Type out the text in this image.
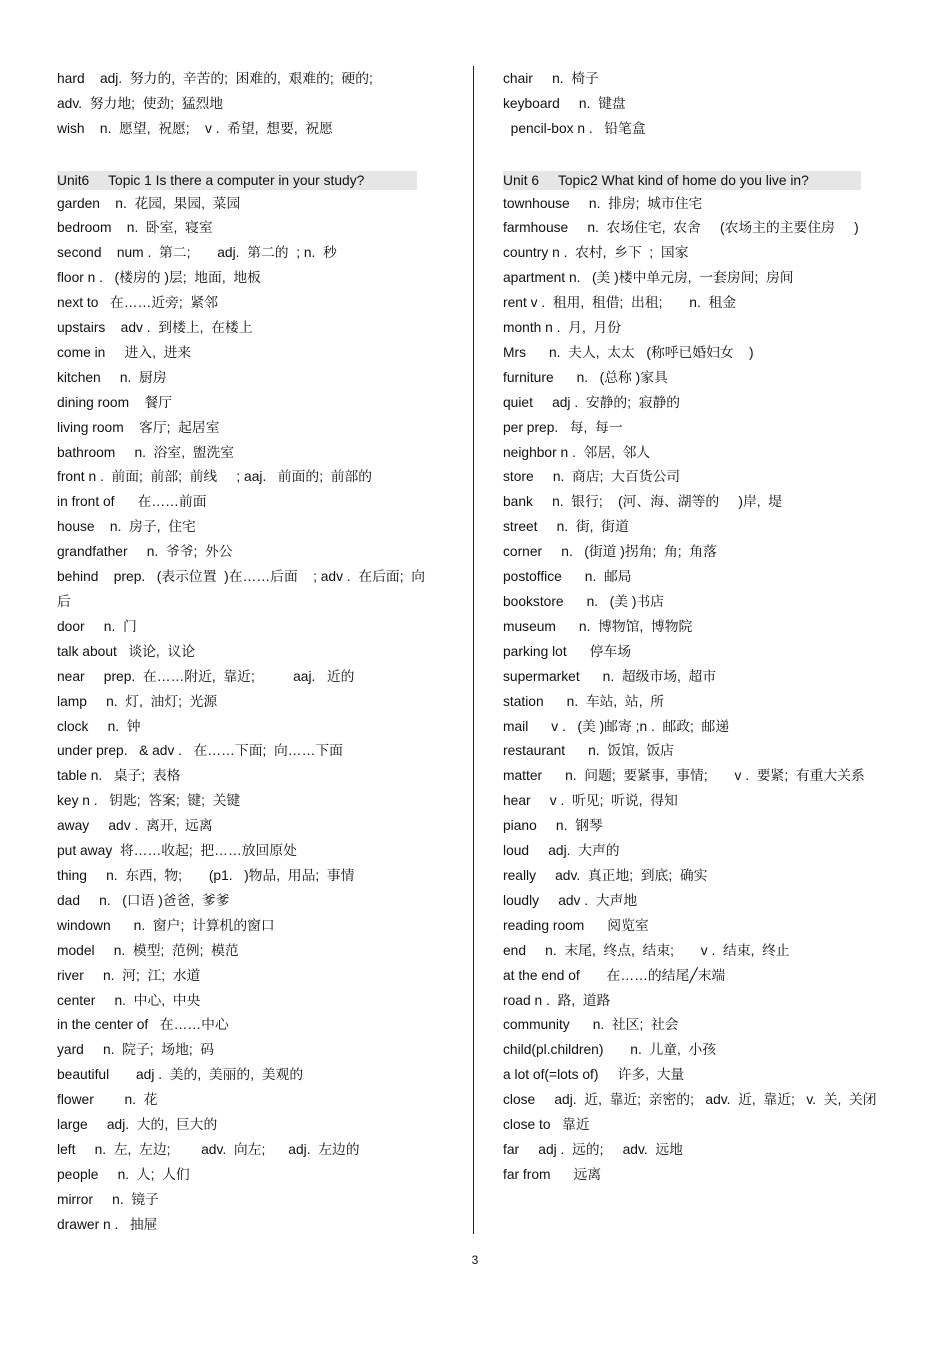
hard    adj.  努力的,  辛苦的;  困难的,  艰难的;  硬的;
adv.  努力地;  使劲;  猛烈地
wish    n.  愿望,  祝愿;    v .  希望,  想要,  祝愿
Unit6     Topic 1 Is there a computer in your study?
garden    n.  花园,  果园,  菜园
bedroom    n.  卧室,  寝室
second    num .  第二;       adj.  第二的  ; n.  秒
floor n .   (楼房的 )层;  地面,  地板
next to   在……近旁;  紧邻
upstairs    adv .  到楼上,  在楼上
come in     进入,  进来
kitchen     n.  厨房
dining room    餐厅
living room    客厅;  起居室
bathroom     n.  浴室,  盥洗室
front n .  前面;  前部;  前线     ; aaj.   前面的;  前部的
in front of      在……前面
house    n.  房子,  住宅
grandfather     n.  爷爷;  外公
behind    prep.   (表示位置  )在……后面    ; adv .  在后面;  向后
door     n.  门
talk about   谈论,  议论
near     prep.  在……附近,  靠近;          aaj.   近的
lamp     n.  灯,  油灯;  光源
clock     n.  钟
under prep.   & adv .   在……下面;  向……下面
table n.   桌子;  表格
key n .   钥匙;  答案;  键;  关键
away     adv .  离开,  远离
put away  将……收起;  把……放回原处
thing     n.  东西,  物;       (p1.   )物品,  用品;  事情
dad     n.   (口语 )爸爸,  爹爹
windown      n.  窗户;  计算机的窗口
model     n.  模型;  范例;  模范
river     n.  河;  江;  水道
center     n.  中心,  中央
in the center of   在……中心
yard     n.  院子;  场地;  码
beautiful       adj .  美的,  美丽的,  美观的
flower        n.  花
large     adj.  大的,  巨大的
left     n.  左,  左边;        adv.  向左;      adj.  左边的
people     n.  人;  人们
mirror     n.  镜子
drawer n .   抽屉
chair     n.  椅子
keyboard     n.  键盘
pencil-box n .   铅笔盒
Unit 6     Topic2 What kind of home do you live in?
townhouse     n.  排房;  城市住宅
farmhouse     n.  农场住宅,  农舍     (农场主的主要住房     )
country n .  农村,  乡下  ;  国家
apartment n.   (美 )楼中单元房,  一套房间;  房间
rent v .  租用,  租借;  出租;       n.  租金
month n .  月,  月份
Mrs      n.  夫人,  太太   (称呼已婚妇女    )
furniture      n.   (总称 )家具
quiet     adj .  安静的;  寂静的
per prep.   每,  每一
neighbor n .  邻居,  邻人
store     n.  商店;  大百货公司
bank     n.  银行;    (河、海、湖等的     )岸,  堤
street     n.  街,  街道
corner     n.   (街道 )拐角;  角;  角落
postoffice      n.  邮局
bookstore      n.   (美 )书店
museum      n.  博物馆,  博物院
parking lot      停车场
supermarket      n.  超级市场,  超市
station      n.  车站,  站,  所
mail      v .   (美 )邮寄 ;n .  邮政;  邮递
restaurant      n.  饭馆,  饭店
matter      n.  问题;  要紧事,  事情;       v .  要紧;  有重大关系
hear     v .  听见;  听说,  得知
piano     n.  钢琴
loud     adj.  大声的
really     adv.  真正地;  到底;  确实
loudly     adv .  大声地
reading room      阅览室
end     n.  末尾,  终点,  结束;       v .  结束,  终止
at the end of       在……的结尾╱末端
road n .  路,  道路
community      n.  社区;  社会
child(pl.children)       n.  儿童,  小孩
a lot of(=lots of)     许多,  大量
close     adj.  近,  靠近;  亲密的;   adv.  近,  靠近;   v.  关,  关闭
close to   靠近
far     adj .  远的;     adv.  远地
far from      远离
3
